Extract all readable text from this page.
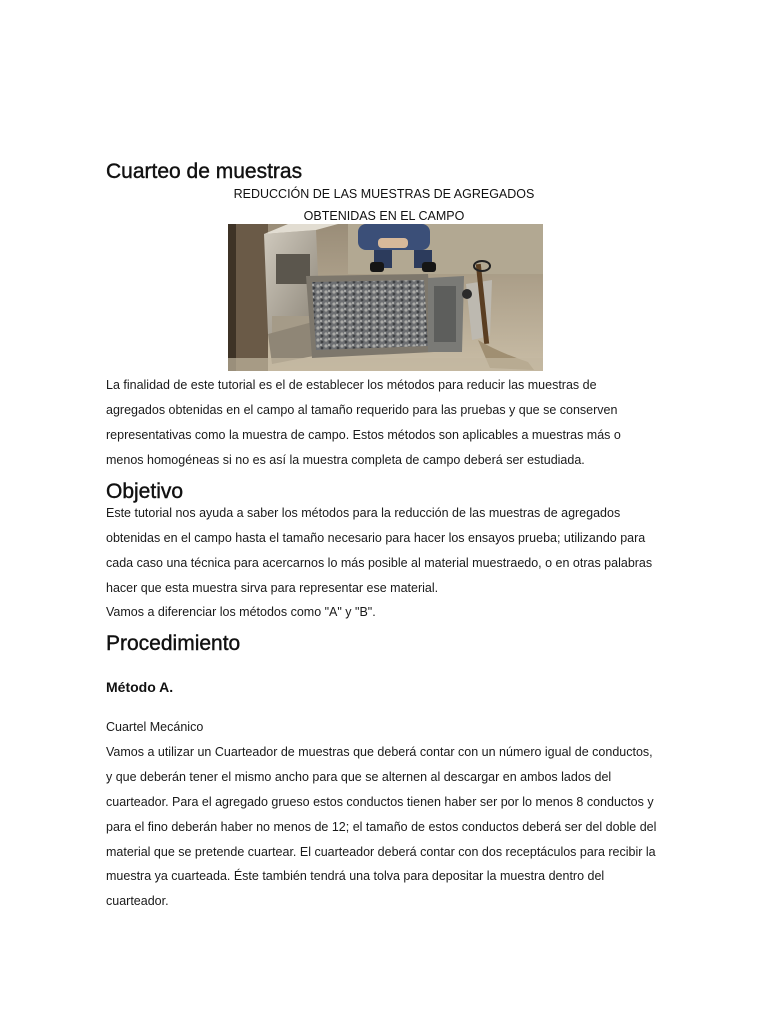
Cuarteo de muestras
REDUCCIÓN DE LAS MUESTRAS DE AGREGADOS
OBTENIDAS EN EL CAMPO
La finalidad de este tutorial es el de establecer los métodos para reducir las muestras de
agregados obtenidas en el campo al tamaño requerido para las pruebas y que se conserven
representativas como la muestra de campo. Estos métodos son aplicables a muestras más o
menos homogéneas si no es así la muestra completa de campo deberá ser estudiada.
Objetivo
Este tutorial nos ayuda a saber los métodos para la reducción de las muestras de agregados
obtenidas en el campo hasta el tamaño necesario para hacer los ensayos prueba; utilizando para
cada caso una técnica para acercarnos lo más posible al material muestraedo, o en otras palabras
hacer que esta muestra sirva para representar ese material.
Vamos a diferenciar los métodos como "A" y "B".
Procedimiento
Método A.
Cuartel Mecánico
Vamos a utilizar un Cuarteador de muestras que deberá contar con un número igual de conductos,
y que deberán tener el mismo ancho para que se alternen al descargar en ambos lados del
cuarteador. Para el agregado grueso estos conductos tienen haber ser por lo menos 8 conductos y
para el fino deberán haber no menos de 12; el tamaño de estos conductos deberá ser del doble del
material que se pretende cuartear. El cuarteador deberá contar con dos receptáculos para recibir la
muestra ya cuarteada. Éste también tendrá una tolva para depositar la muestra dentro del
cuarteador.
